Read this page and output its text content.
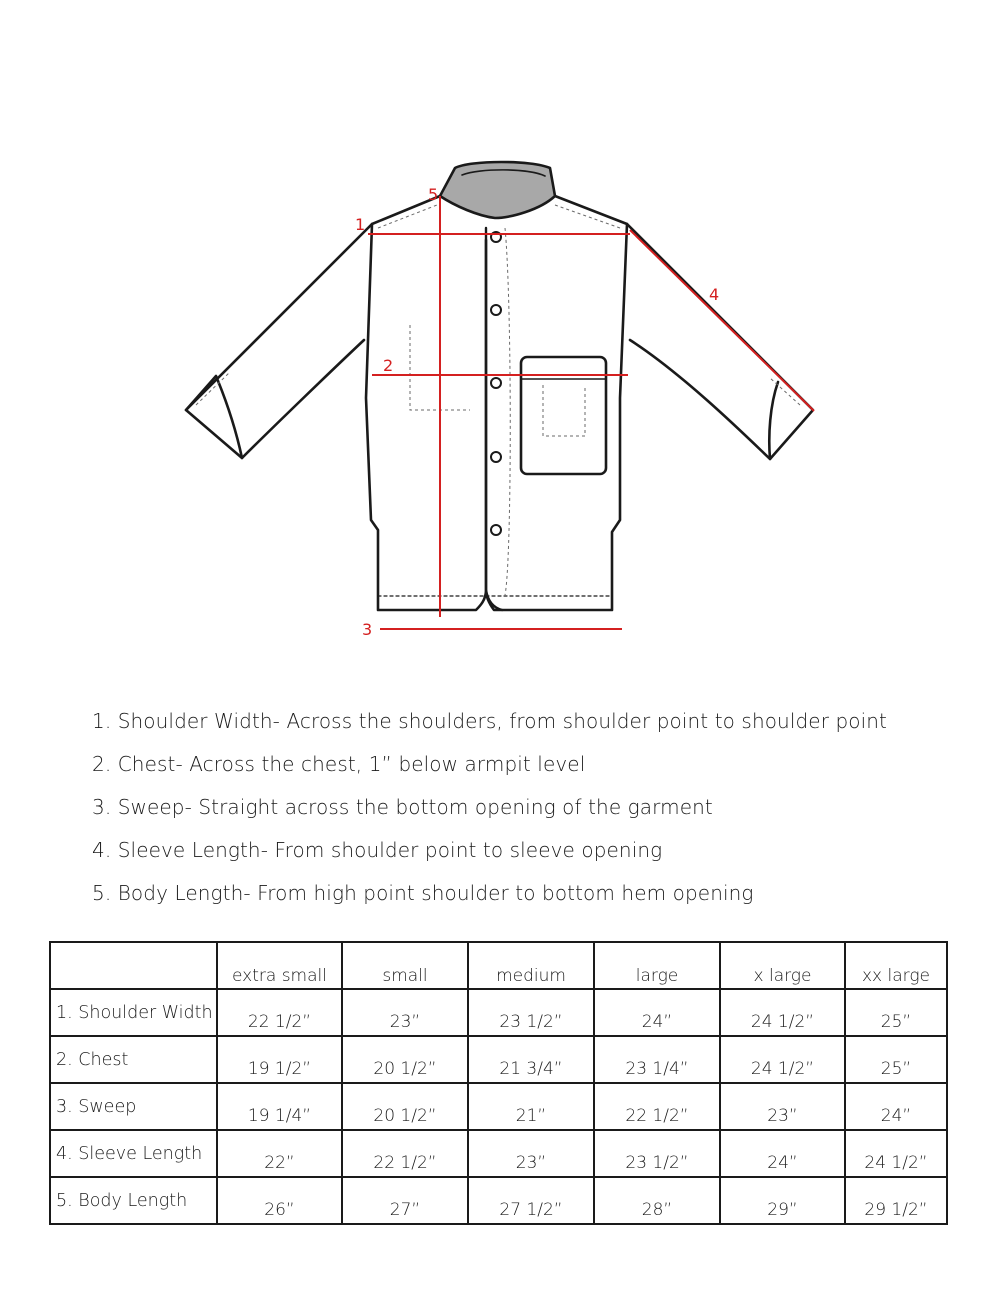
1
2
3
4
5
1. Shoulder Width- Across the shoulders, from shoulder point to shoulder point
2. Chest- Across the chest, 1” below armpit level
3. Sweep- Straight across the bottom opening of the garment
4. Sleeve Length- From shoulder point to sleeve opening
5. Body Length- From high point shoulder to bottom hem opening
	extra small	small	medium	large	x large	xx large
1. Shoulder Width	22 1/2”	23”	23 1/2”	24”	24 1/2”	25”
2. Chest	19 1/2”	20 1/2”	21 3/4”	23 1/4”	24 1/2”	25”
3. Sweep	19 1/4”	20 1/2”	21”	22 1/2”	23”	24”
4. Sleeve Length	22”	22 1/2”	23”	23 1/2”	24”	24 1/2”
5. Body Length	26”	27”	27 1/2”	28”	29”	29 1/2”
